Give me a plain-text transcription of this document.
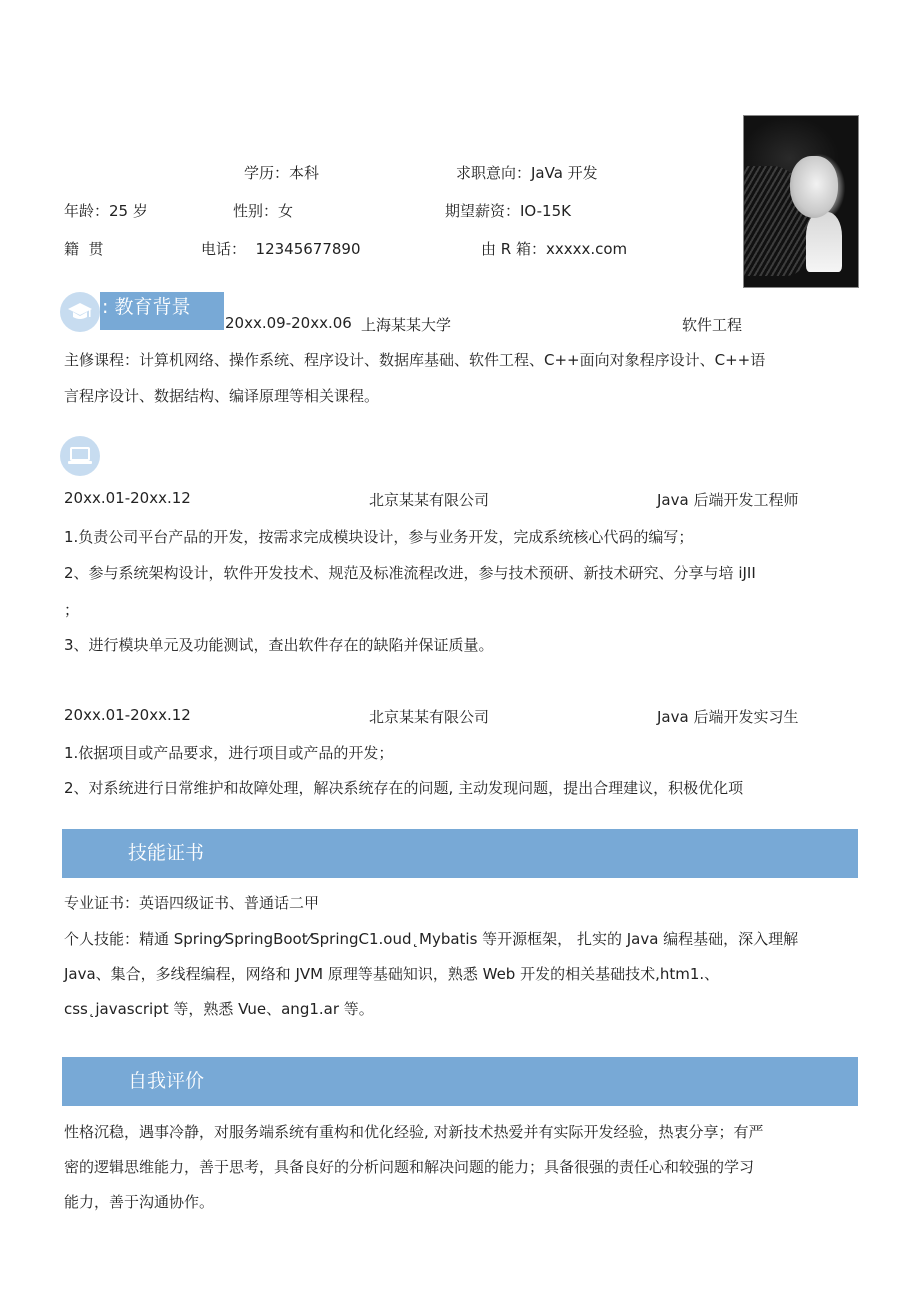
学历：本科	求职意向：JaVa 开发
年龄：25 岁	性别：女	期望薪资：IO-15K
籍  贯	电话：  12345677890	由 R 箱：xxxxx.com
: 教育背景
20xx.09-20xx.06 上海某某大学	软件工程
主修课程：计算机网络、操作系统、程序设计、数据库基础、软件工程、C++面向对象程序设计、C++语
言程序设计、数据结构、编译原理等相关课程。
20xx.01-20xx.12	北京某某有限公司	Java 后端开发工程师
1.负责公司平台产品的开发，按需求完成模块设计，参与业务开发，完成系统核心代码的编写；
2、参与系统架构设计，软件开发技术、规范及标准流程改进，参与技术预研、新技术研究、分享与培 iJII
；
3、进行模块单元及功能测试，查出软件存在的缺陷并保证质量。
20xx.01-20xx.12	北京某某有限公司	Java 后端开发实习生
1.依据项目或产品要求，进行项目或产品的开发；
2、对系统进行日常维护和故障处理，解决系统存在的问题, 主动发现问题，提出合理建议，积极优化项
技能证书
专业证书：英语四级证书、普通话二甲
个人技能：精通 Spring⁄SpringBoot⁄SpringC1.oud˛Mybatis 等开源框架， 扎实的 Java 编程基础，深入理解
Java、集合，多线程编程，网络和 JVM 原理等基础知识，熟悉 Web 开发的相关基础技术,htm1.、
css˛javascript 等，熟悉 Vue、ang1.ar 等。
自我评价
性格沉稳，遇事冷静，对服务端系统有重构和优化经验, 对新技术热爱并有实际开发经验，热衷分享；有严
密的逻辑思维能力，善于思考，具备良好的分析问题和解决问题的能力；具备很强的责任心和较强的学习
能力，善于沟通协作。
